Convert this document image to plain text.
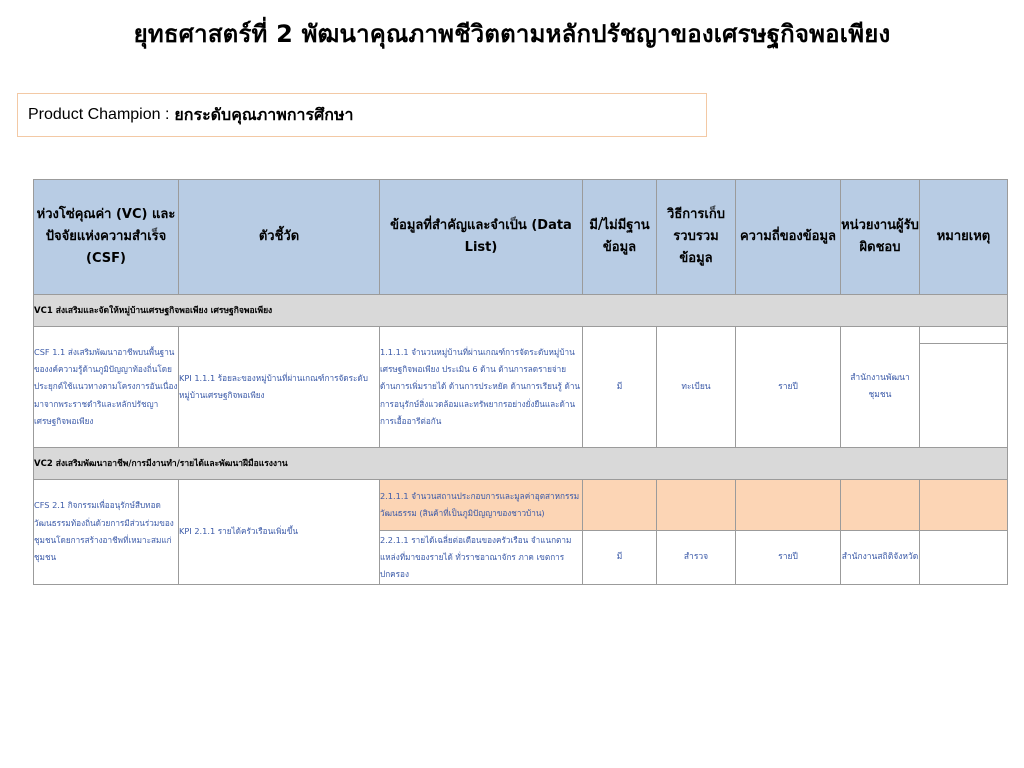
ยุทธศาสตร์ที่ 2 พัฒนาคุณภาพชีวิตตามหลักปรัชญาของเศรษฐกิจพอเพียง
Product Champion : ยกระดับคุณภาพการศึกษา
ห่วงโซ่คุณค่า (VC) และปัจจัยแห่งความสำเร็จ (CSF)	ตัวชี้วัด	ข้อมูลที่สำคัญและจำเป็น (Data List)	มี/ไม่มีฐานข้อมูล	วิธีการเก็บรวบรวมข้อมูล	ความถี่ของข้อมูล	หน่วยงานผู้รับผิดชอบ	หมายเหตุ
VC1 ส่งเสริมและจัดให้หมู่บ้านเศรษฐกิจพอเพียง เศรษฐกิจพอเพียง							
CSF 1.1 ส่งเสริมพัฒนาอาชีพบนพื้นฐานของงค์ความรู้ด้านภูมิปัญญาท้องถิ่นโดยประยุกต์ใช้แนวทางตามโครงการอันเนื่องมาจากพระราชดำริและหลักปรัชญาเศรษฐกิจพอเพียง	KPI 1.1.1 ร้อยละของหมู่บ้านที่ผ่านเกณฑ์การจัดระดับหมู่บ้านเศรษฐกิจพอเพียง	1.1.1.1 จำนวนหมู่บ้านที่ผ่านเกณฑ์การจัดระดับหมู่บ้านเศรษฐกิจพอเพียง ประเมิน 6 ด้าน ด้านการลดรายจ่าย ด้านการเพิ่มรายได้ ด้านการประหยัด ด้านการเรียนรู้ ด้านการอนุรักษ์สิ่งแวดล้อมและทรัพยากรอย่างยั่งยืนและด้านการเอื้ออารีต่อกัน	มี	ทะเบียน	รายปี	สำนักงานพัฒนาชุมชน	

VC2 ส่งเสริมพัฒนาอาชีพ/การมีงานทำ/รายได้และพัฒนาฝีมือแรงงาน							
CFS 2.1 กิจกรรมเพื่ออนุรักษ์สืบทอดวัฒนธรรมท้องถิ่นด้วยการมีส่วนร่วมของชุมชนโดยการสร้างอาชีพที่เหมาะสมแก่ชุมชน	KPI 2.1.1 รายได้ครัวเรือนเพิ่มขึ้น	2.1.1.1 จำนวนสถานประกอบการและมูลค่าอุตสาหกรรมวัฒนธรรม (สินค้าที่เป็นภูมิปัญญาของชาวบ้าน)					
		2.2.1.1 รายได้เฉลี่ยต่อเดือนของครัวเรือน จำแนกตามแหล่งที่มาของรายได้ ทั่วราชอาณาจักร ภาค เขตการปกครอง	มี	สำรวจ	รายปี	สำนักงานสถิติจังหวัด	
